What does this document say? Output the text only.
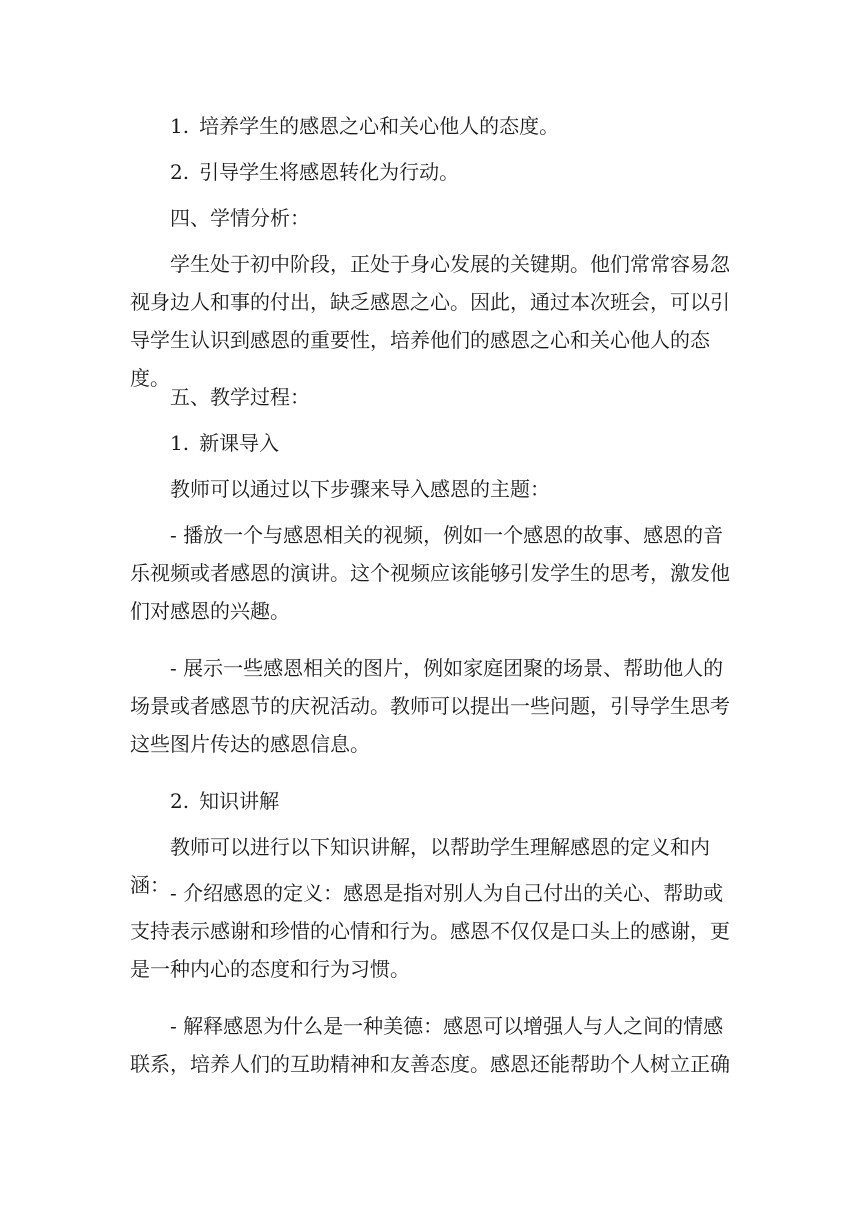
1. 培养学生的感恩之心和关心他人的态度。

2. 引导学生将感恩转化为行动。

四、学情分析：

学生处于初中阶段，正处于身心发展的关键期。他们常常容易忽
视身边人和事的付出，缺乏感恩之心。因此，通过本次班会，可以引
导学生认识到感恩的重要性，培养他们的感恩之心和关心他人的态度。

五、教学过程：

1. 新课导入

教师可以通过以下步骤来导入感恩的主题：

- 播放一个与感恩相关的视频，例如一个感恩的故事、感恩的音
乐视频或者感恩的演讲。这个视频应该能够引发学生的思考，激发他
们对感恩的兴趣。

- 展示一些感恩相关的图片，例如家庭团聚的场景、帮助他人的
场景或者感恩节的庆祝活动。教师可以提出一些问题，引导学生思考
这些图片传达的感恩信息。

2. 知识讲解

教师可以进行以下知识讲解，以帮助学生理解感恩的定义和内涵： - 介绍感恩的定义：感恩是指对别人为自己付出的关心、帮助或
支持表示感谢和珍惜的心情和行为。感恩不仅仅是口头上的感谢，更
是一种内心的态度和行为习惯。

- 解释感恩为什么是一种美德：感恩可以增强人与人之间的情感
联系，培养人们的互助精神和友善态度。感恩还能帮助个人树立正确
